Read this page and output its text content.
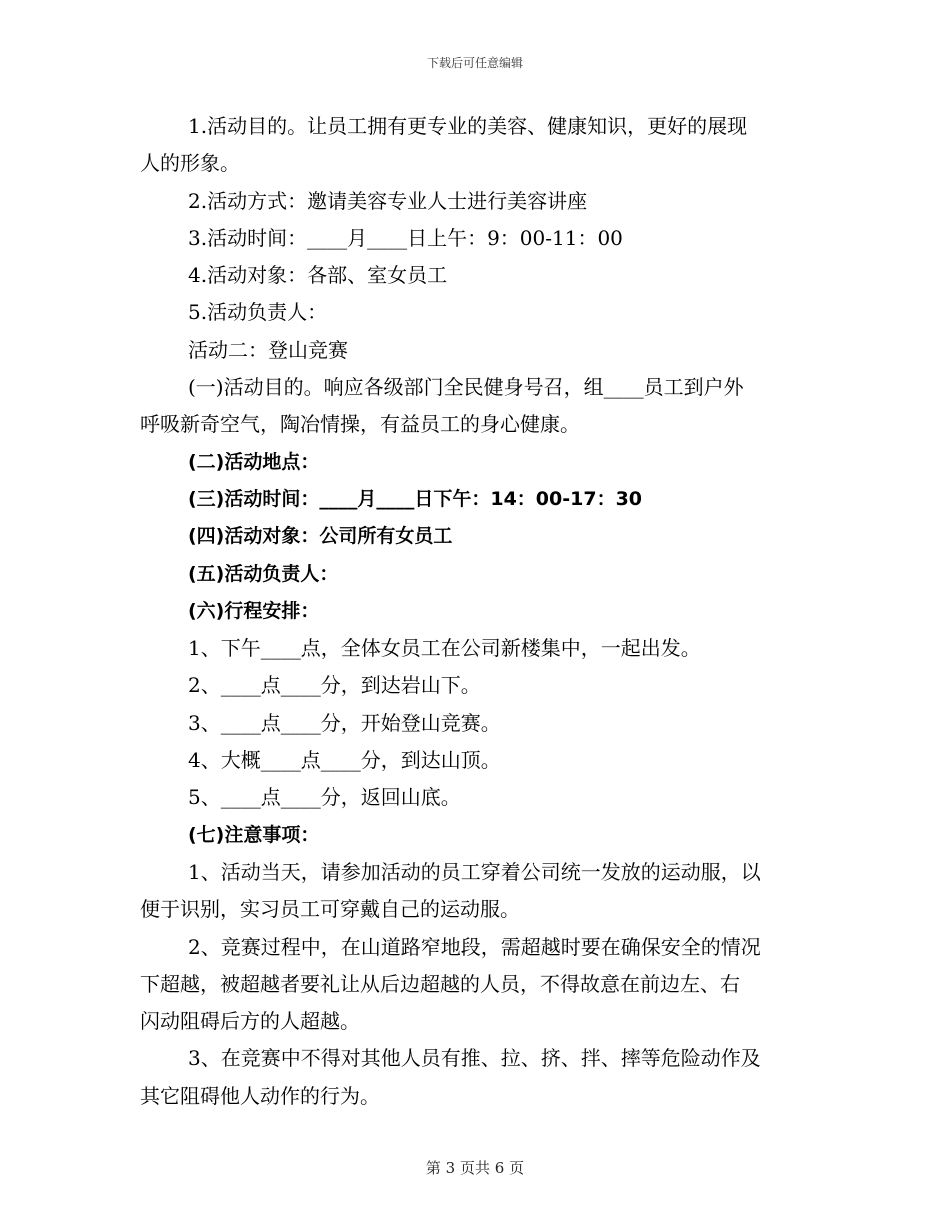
下载后可任意编辑
1.活动目的。让员工拥有更专业的美容、健康知识，更好的展现
人的形象。
2.活动方式：邀请美容专业人士进行美容讲座
3.活动时间：____月____日上午：9：00-11：00
4.活动对象：各部、室女员工
5.活动负责人：
活动二：登山竞赛
(一)活动目的。响应各级部门全民健身号召，组____员工到户外
呼吸新奇空气，陶冶情操，有益员工的身心健康。
(二)活动地点：
(三)活动时间：____月____日下午：14：00-17：30
(四)活动对象：公司所有女员工
(五)活动负责人：
(六)行程安排：
1、下午____点，全体女员工在公司新楼集中，一起出发。
2、____点____分，到达岩山下。
3、____点____分，开始登山竞赛。
4、大概____点____分，到达山顶。
5、____点____分，返回山底。
(七)注意事项：
1、活动当天，请参加活动的员工穿着公司统一发放的运动服，以
便于识别，实习员工可穿戴自己的运动服。
2、竞赛过程中，在山道路窄地段，需超越时要在确保安全的情况
下超越，被超越者要礼让从后边超越的人员，不得故意在前边左、右
闪动阻碍后方的人超越。
3、在竞赛中不得对其他人员有推、拉、挤、拌、摔等危险动作及
其它阻碍他人动作的行为。
第 3 页共 6 页
